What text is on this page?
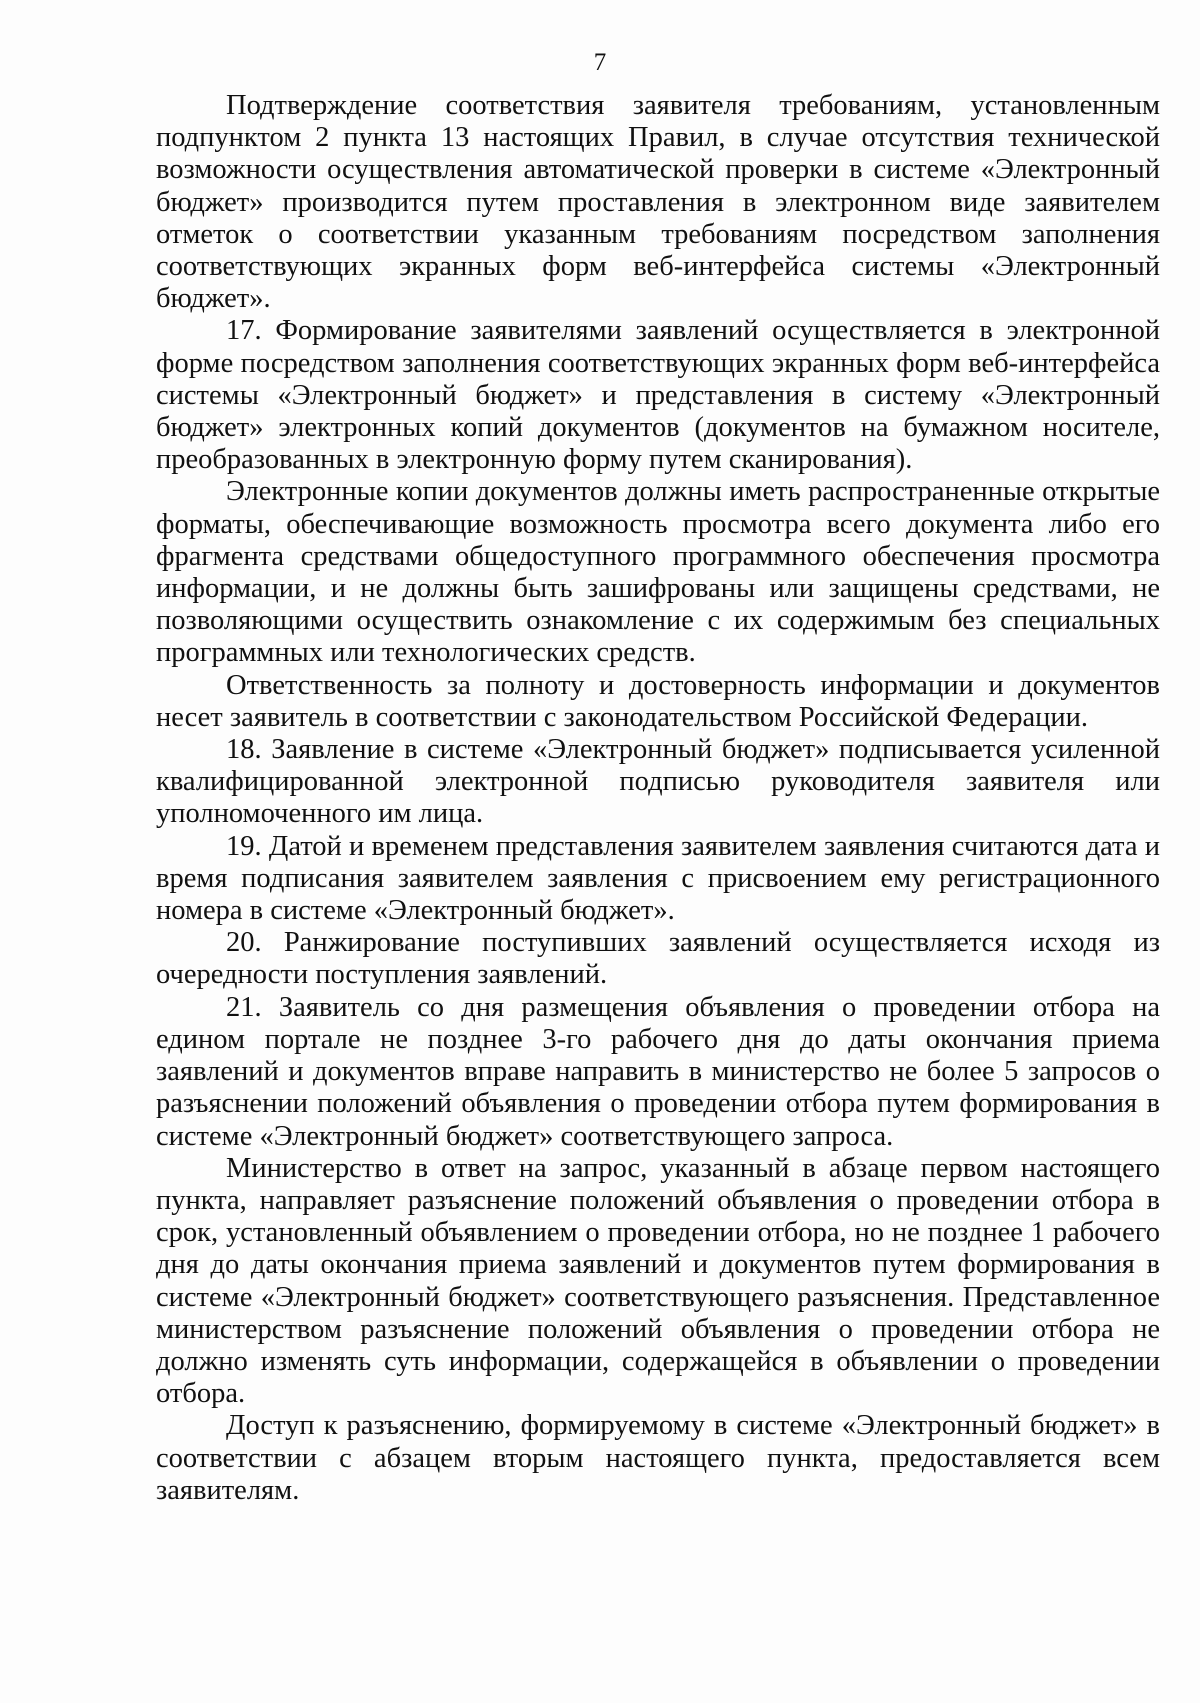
7

Подтверждение соответствия заявителя требованиям, установленным подпунктом 2 пункта 13 настоящих Правил, в случае отсутствия технической возможности осуществления автоматической проверки в системе «Электронный бюджет» производится путем проставления в электронном виде заявителем отметок о соответствии указанным требованиям посредством заполнения соответствующих экранных форм веб-интерфейса системы «Электронный бюджет».

17. Формирование заявителями заявлений осуществляется в электронной форме посредством заполнения соответствующих экранных форм веб-интерфейса системы «Электронный бюджет» и представления в систему «Электронный бюджет» электронных копий документов (документов на бумажном носителе, преобразованных в электронную форму путем сканирования).

Электронные копии документов должны иметь распространенные открытые форматы, обеспечивающие возможность просмотра всего документа либо его фрагмента средствами общедоступного программного обеспечения просмотра информации, и не должны быть зашифрованы или защищены средствами, не позволяющими осуществить ознакомление с их содержимым без специальных программных или технологических средств.

Ответственность за полноту и достоверность информации и документов несет заявитель в соответствии с законодательством Российской Федерации.

18. Заявление в системе «Электронный бюджет» подписывается усиленной квалифицированной электронной подписью руководителя заявителя или уполномоченного им лица.

19. Датой и временем представления заявителем заявления считаются дата и время подписания заявителем заявления с присвоением ему регистрационного номера в системе «Электронный бюджет».

20. Ранжирование поступивших заявлений осуществляется исходя из очередности поступления заявлений.

21. Заявитель со дня размещения объявления о проведении отбора на едином портале не позднее 3-го рабочего дня до даты окончания приема заявлений и документов вправе направить в министерство не более 5 запросов о разъяснении положений объявления о проведении отбора путем формирования в системе «Электронный бюджет» соответствующего запроса.

Министерство в ответ на запрос, указанный в абзаце первом настоящего пункта, направляет разъяснение положений объявления о проведении отбора в срок, установленный объявлением о проведении отбора, но не позднее 1 рабочего дня до даты окончания приема заявлений и документов путем формирования в системе «Электронный бюджет» соответствующего разъяснения. Представленное министерством разъяснение положений объявления о проведении отбора не должно изменять суть информации, содержащейся в объявлении о проведении отбора.

Доступ к разъяснению, формируемому в системе «Электронный бюджет» в соответствии с абзацем вторым настоящего пункта, предоставляется всем заявителям.
